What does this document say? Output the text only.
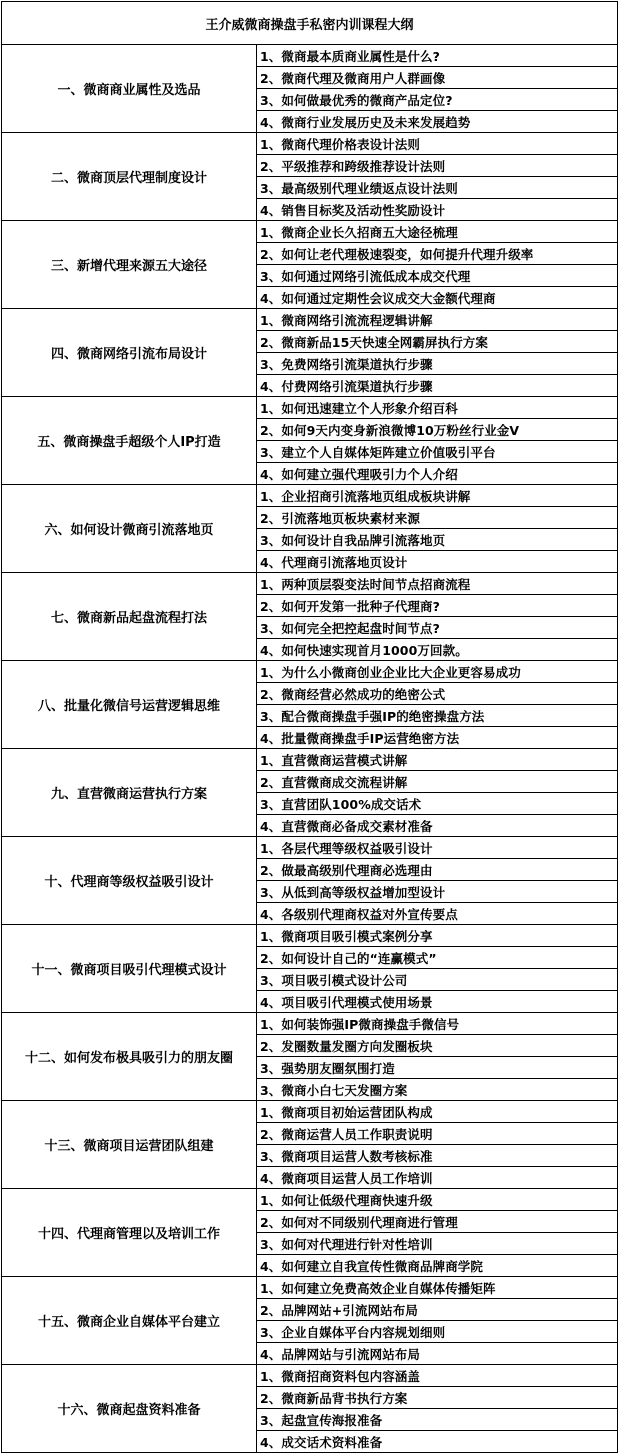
王介威微商操盘手私密内训课程大纲	
一、微商商业属性及选品	1、微商最本质商业属性是什么?
	2、微商代理及微商用户人群画像
	3、如何做最优秀的微商产品定位?
	4、微商行业发展历史及未来发展趋势
二、微商顶层代理制度设计	1、微商代理价格表设计法则
	2、平级推荐和跨级推荐设计法则
	3、最高级别代理业绩返点设计法则
	4、销售目标奖及活动性奖励设计
三、新增代理来源五大途径	1、微商企业长久招商五大途径梳理
	2、如何让老代理极速裂变，如何提升代理升级率
	3、如何通过网络引流低成本成交代理
	4、如何通过定期性会议成交大金额代理商
四、微商网络引流布局设计	1、微商网络引流流程逻辑讲解
	2、微商新品15天快速全网霸屏执行方案
	3、免费网络引流渠道执行步骤
	4、付费网络引流渠道执行步骤
五、微商操盘手超级个人IP打造	1、如何迅速建立个人形象介绍百科
	2、如何9天内变身新浪微博10万粉丝行业金V
	3、建立个人自媒体矩阵建立价值吸引平台
	4、如何建立强代理吸引力个人介绍
六、如何设计微商引流落地页	1、企业招商引流落地页组成板块讲解
	2、引流落地页板块素材来源
	3、如何设计自我品牌引流落地页
	4、代理商引流落地页设计
七、微商新品起盘流程打法	1、两种顶层裂变法时间节点招商流程
	2、如何开发第一批种子代理商?
	3、如何完全把控起盘时间节点?
	4、如何快速实现首月1000万回款。
八、批量化微信号运营逻辑思维	1、为什么小微商创业企业比大企业更容易成功
	2、微商经营必然成功的绝密公式
	3、配合微商操盘手强IP的绝密操盘方法
	4、批量微商操盘手IP运营绝密方法
九、直营微商运营执行方案	1、直营微商运营模式讲解
	2、直营微商成交流程讲解
	3、直营团队100%成交话术
	4、直营微商必备成交素材准备
十、代理商等级权益吸引设计	1、各层代理等级权益吸引设计
	2、做最高级别代理商必选理由
	3、从低到高等级权益增加型设计
	4、各级别代理商权益对外宣传要点
十一、微商项目吸引代理模式设计	1、微商项目吸引模式案例分享
	2、如何设计自己的“连赢模式”
	3、项目吸引模式设计公司
	4、项目吸引代理模式使用场景
十二、如何发布极具吸引力的朋友圈	1、如何装饰强IP微商操盘手微信号
	2、发圈数量发圈方向发圈板块
	3、强势朋友圈氛围打造
	3、微商小白七天发圈方案
十三、微商项目运营团队组建	1、微商项目初始运营团队构成
	2、微商运营人员工作职责说明
	3、微商项目运营人数考核标准
	4、微商项目运营人员工作培训
十四、代理商管理以及培训工作	1、如何让低级代理商快速升级
	2、如何对不同级别代理商进行管理
	3、如何对代理进行针对性培训
	4、如何建立自我宣传性微商品牌商学院
十五、微商企业自媒体平台建立	1、如何建立免费高效企业自媒体传播矩阵
	2、品牌网站+引流网站布局
	3、企业自媒体平台内容规划细则
	4、品牌网站与引流网站布局
十六、微商起盘资料准备	1、微商招商资料包内容涵盖
	2、微商新品背书执行方案
	3、起盘宣传海报准备
	4、成交话术资料准备
